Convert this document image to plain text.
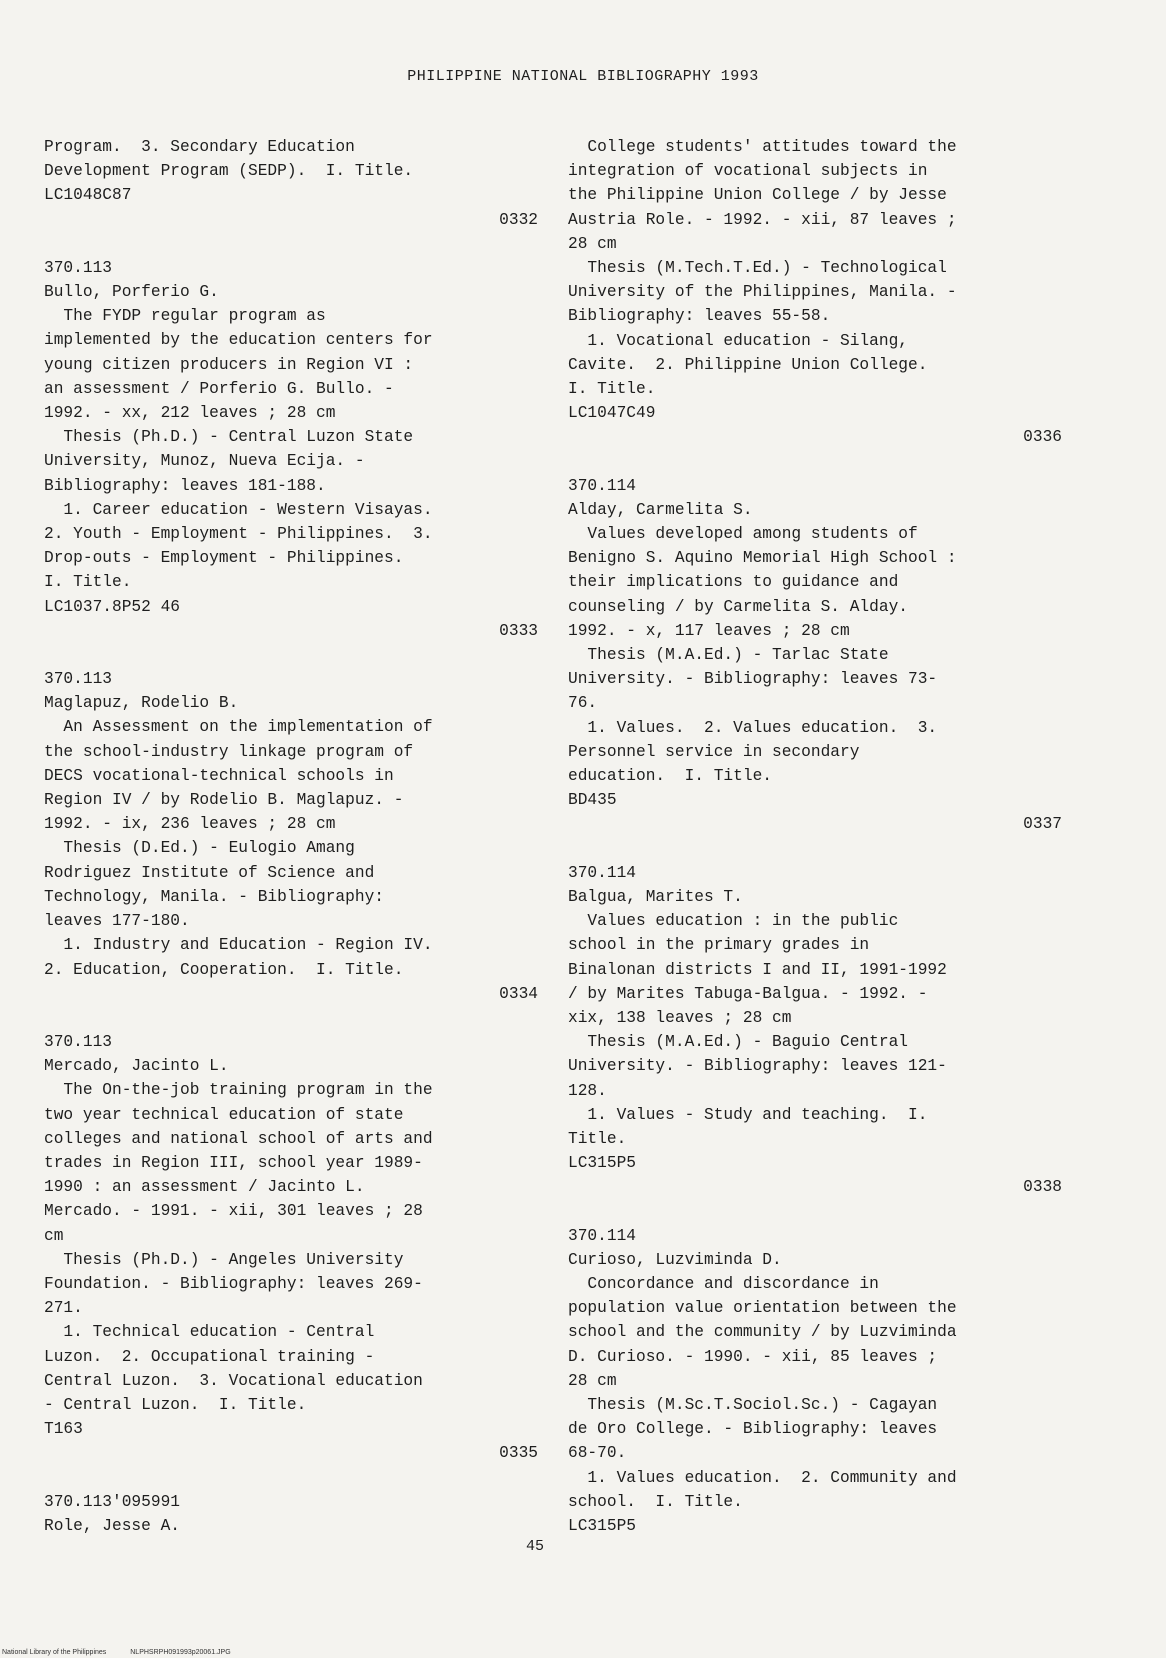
PHILIPPINE NATIONAL BIBLIOGRAPHY 1993
Program.  3. Secondary Education
Development Program (SEDP).  I. Title.
LC1048C87
0332
370.113
Bullo, Porferio G.
The FYDP regular program as
implemented by the education centers for
young citizen producers in Region VI :
an assessment / Porferio G. Bullo. -
1992. - xx, 212 leaves ; 28 cm
Thesis (Ph.D.) - Central Luzon State
University, Munoz, Nueva Ecija. -
Bibliography: leaves 181-188.
1. Career education - Western Visayas.
2. Youth - Employment - Philippines.  3.
Drop-outs - Employment - Philippines.
I. Title.
LC1037.8P52 46
0333
370.113
Maglapuz, Rodelio B.
An Assessment on the implementation of
the school-industry linkage program of
DECS vocational-technical schools in
Region IV / by Rodelio B. Maglapuz. -
1992. - ix, 236 leaves ; 28 cm
Thesis (D.Ed.) - Eulogio Amang
Rodriguez Institute of Science and
Technology, Manila. - Bibliography:
leaves 177-180.
1. Industry and Education - Region IV.
2. Education, Cooperation.  I. Title.
0334
370.113
Mercado, Jacinto L.
The On-the-job training program in the
two year technical education of state
colleges and national school of arts and
trades in Region III, school year 1989-
1990 : an assessment / Jacinto L.
Mercado. - 1991. - xii, 301 leaves ; 28
cm
Thesis (Ph.D.) - Angeles University
Foundation. - Bibliography: leaves 269-
271.
1. Technical education - Central
Luzon.  2. Occupational training -
Central Luzon.  3. Vocational education
- Central Luzon.  I. Title.
T163
0335
370.113'095991
Role, Jesse A.
College students' attitudes toward the
integration of vocational subjects in
the Philippine Union College / by Jesse
Austria Role. - 1992. - xii, 87 leaves ;
28 cm
Thesis (M.Tech.T.Ed.) - Technological
University of the Philippines, Manila. -
Bibliography: leaves 55-58.
1. Vocational education - Silang,
Cavite.  2. Philippine Union College.
I. Title.
LC1047C49
0336
370.114
Alday, Carmelita S.
Values developed among students of
Benigno S. Aquino Memorial High School :
their implications to guidance and
counseling / by Carmelita S. Alday.
1992. - x, 117 leaves ; 28 cm
Thesis (M.A.Ed.) - Tarlac State
University. - Bibliography: leaves 73-
76.
1. Values.  2. Values education.  3.
Personnel service in secondary
education.  I. Title.
BD435
0337
370.114
Balgua, Marites T.
Values education : in the public
school in the primary grades in
Binalonan districts I and II, 1991-1992
/ by Marites Tabuga-Balgua. - 1992. -
xix, 138 leaves ; 28 cm
Thesis (M.A.Ed.) - Baguio Central
University. - Bibliography: leaves 121-
128.
1. Values - Study and teaching.  I.
Title.
LC315P5
0338
370.114
Curioso, Luzviminda D.
Concordance and discordance in
population value orientation between the
school and the community / by Luzviminda
D. Curioso. - 1990. - xii, 85 leaves ;
28 cm
Thesis (M.Sc.T.Sociol.Sc.) - Cagayan
de Oro College. - Bibliography: leaves
68-70.
1. Values education.  2. Community and
school.  I. Title.
LC315P5
45
National Library of the Philippines	NLPHSRPH091993p20061.JPG
